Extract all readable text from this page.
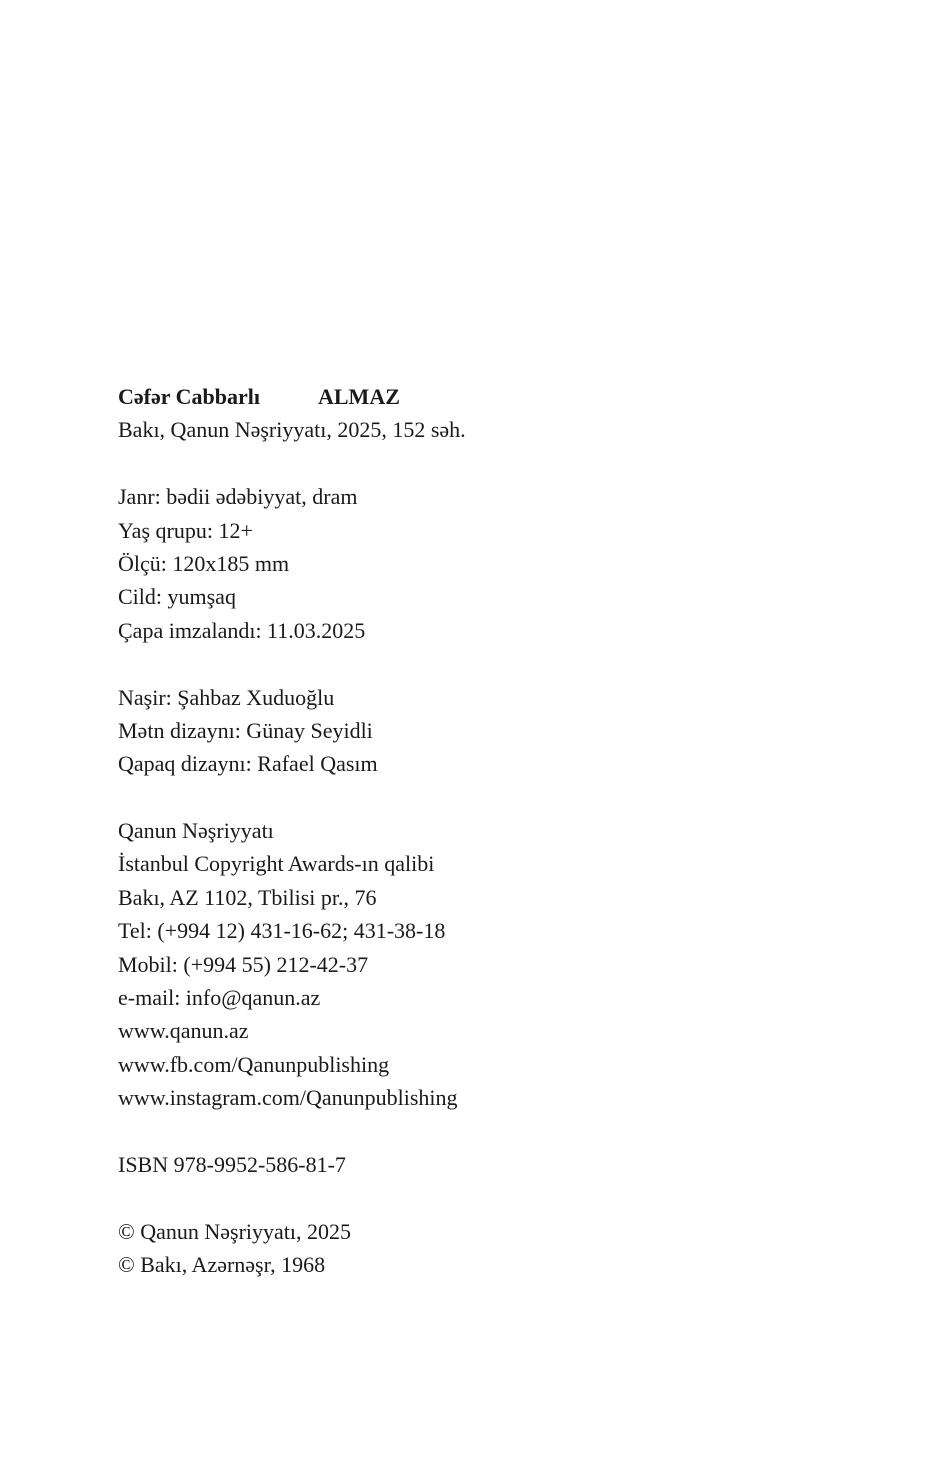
Cəfər Cabbarlı	ALMAZ
Bakı, Qanun Nəşriyyatı, 2025, 152 səh.
Janr: bədii ədəbiyyat, dram
Yaş qrupu: 12+
Ölçü: 120x185 mm
Cild: yumşaq
Çapa imzalandı: 11.03.2025
Naşir: Şahbaz Xuduoğlu
Mətn dizaynı: Günay Seyidli
Qapaq dizaynı: Rafael Qasım
Qanun Nəşriyyatı
İstanbul Copyright Awards-ın qalibi
Bakı, AZ 1102, Tbilisi pr., 76
Tel: (+994 12) 431-16-62; 431-38-18
Mobil: (+994 55) 212-42-37
e-mail: info@qanun.az
www.qanun.az
www.fb.com/Qanunpublishing
www.instagram.com/Qanunpublishing
ISBN 978-9952-586-81-7
© Qanun Nəşriyyatı, 2025
© Bakı, Azərnəşr, 1968
